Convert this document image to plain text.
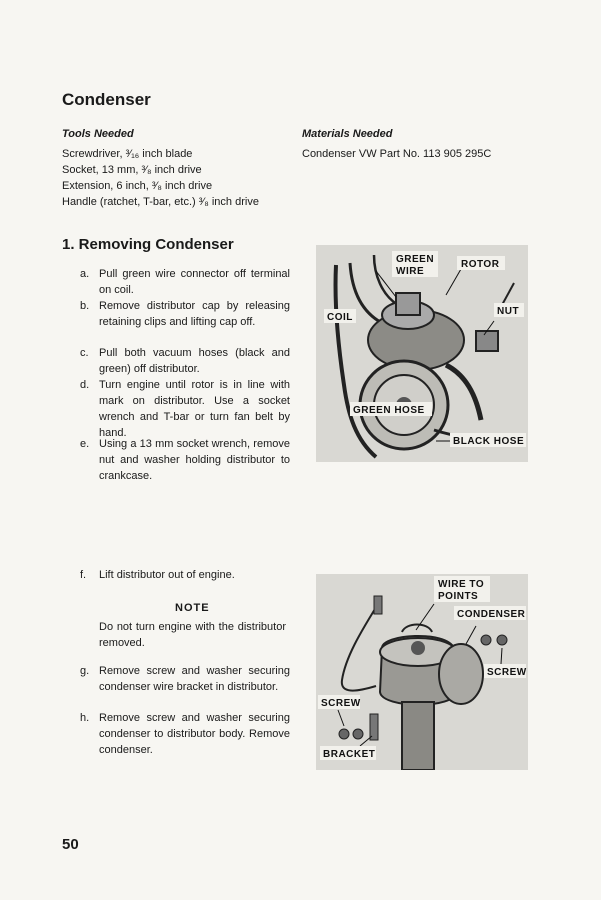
Condenser
Tools Needed
Screwdriver, ³⁄₁₆ inch blade
Socket, 13 mm, ³⁄₈ inch drive
Extension, 6 inch, ³⁄₈ inch drive
Handle (ratchet, T-bar, etc.) ³⁄₈ inch drive
Materials Needed
Condenser VW Part No. 113 905 295C
1. Removing Condenser
a. Pull green wire connector off terminal on coil.
b. Remove distributor cap by releasing retaining clips and lifting cap off.
c. Pull both vacuum hoses (black and green) off distributor.
d. Turn engine until rotor is in line with mark on distributor. Use a socket wrench and T-bar or turn fan belt by hand.
e. Using a 13 mm socket wrench, remove nut and washer holding distributor to crankcase.
f.	Lift distributor out of engine.
NOTE
Do not turn engine with the distributor removed.
g. Remove screw and washer securing condenser wire bracket in distributor.
h. Remove screw and washer securing condenser to distributor body. Remove condenser.
GREEN
WIRE
ROTOR
COIL
NUT
GREEN HOSE
BLACK HOSE
WIRE TO
POINTS
CONDENSER
SCREW
SCREW
BRACKET
50
